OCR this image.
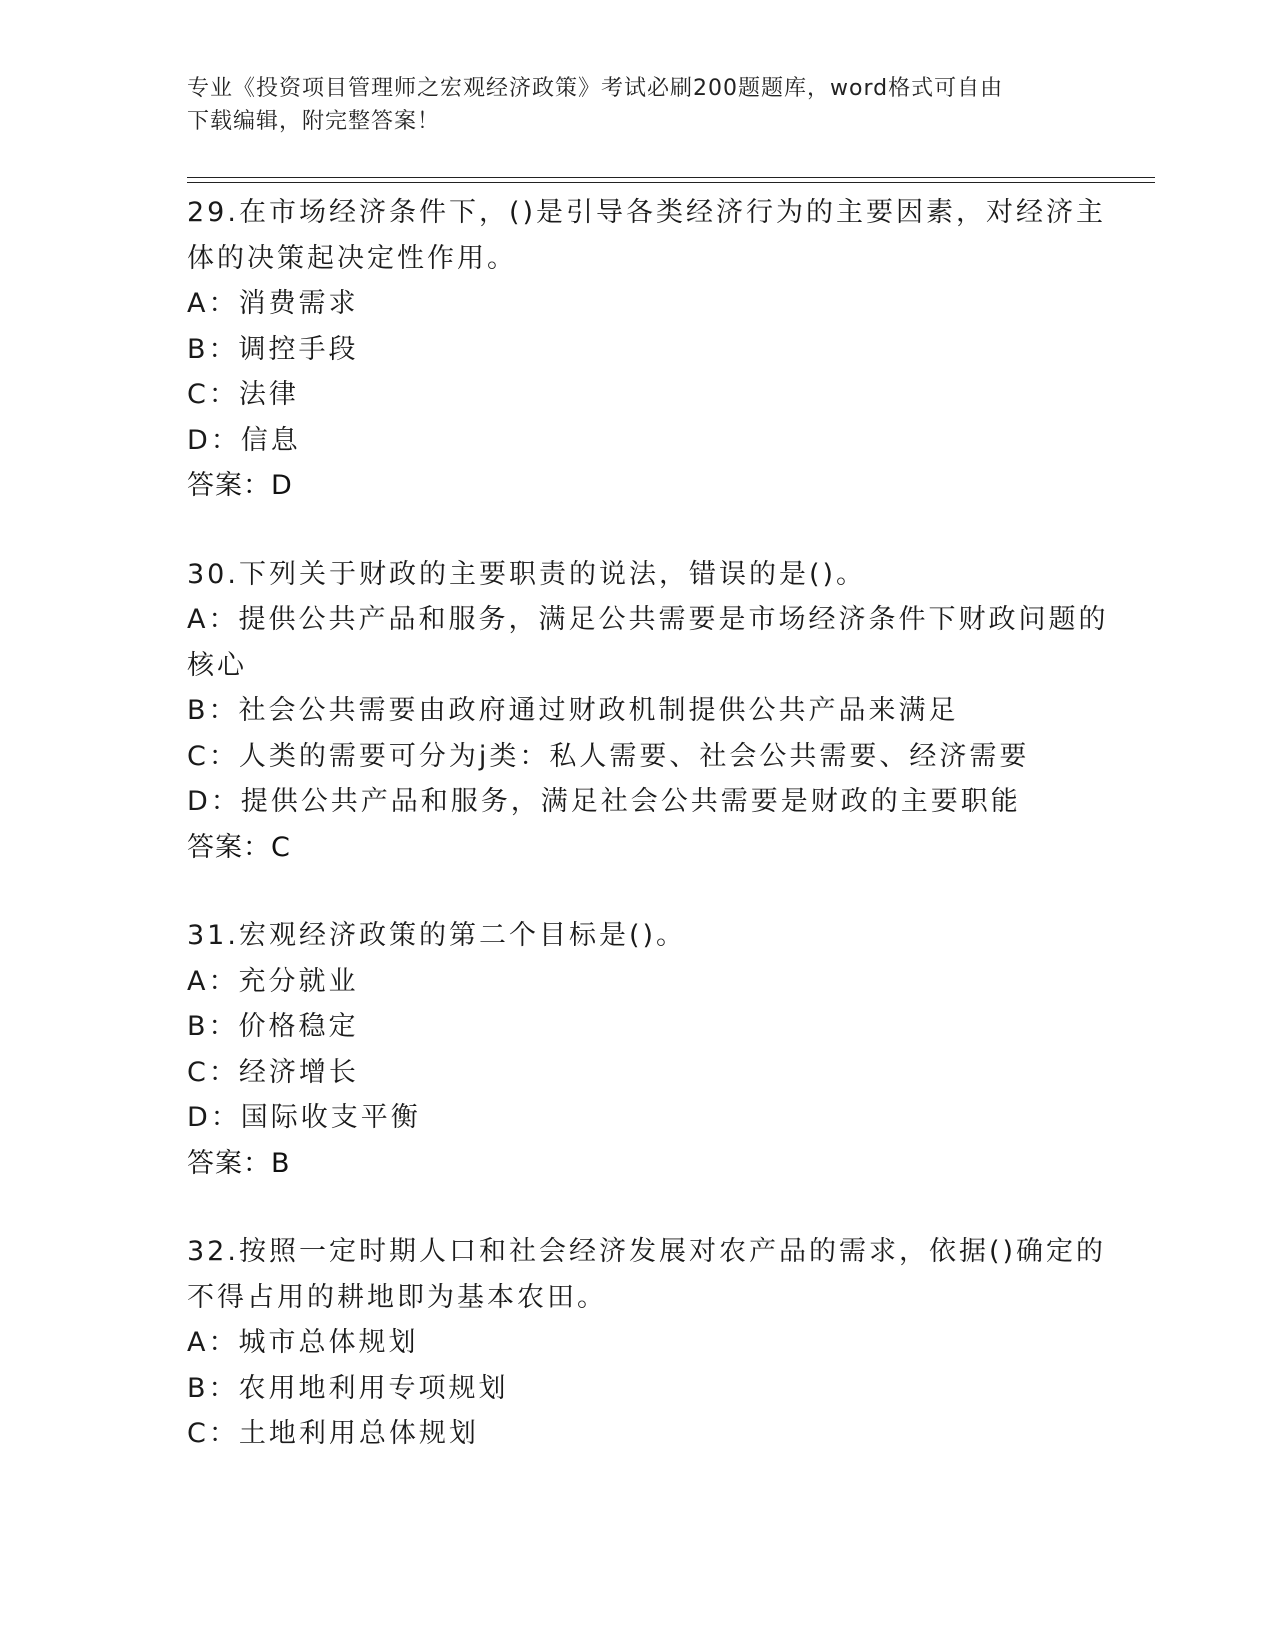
专业《投资项目管理师之宏观经济政策》考试必刷200题题库，word格式可自由
下载编辑，附完整答案！
29.在市场经济条件下，()是引导各类经济行为的主要因素，对经济主
体的决策起决定性作用。
A：消费需求
B：调控手段
C：法律
D：信息
答案：D
30.下列关于财政的主要职责的说法，错误的是()。
A：提供公共产品和服务，满足公共需要是市场经济条件下财政问题的
核心
B：社会公共需要由政府通过财政机制提供公共产品来满足
C：人类的需要可分为j类：私人需要、社会公共需要、经济需要
D：提供公共产品和服务，满足社会公共需要是财政的主要职能
答案：C
31.宏观经济政策的第二个目标是()。
A：充分就业
B：价格稳定
C：经济增长
D：国际收支平衡
答案：B
32.按照一定时期人口和社会经济发展对农产品的需求，依据()确定的
不得占用的耕地即为基本农田。
A：城市总体规划
B：农用地利用专项规划
C：土地利用总体规划
